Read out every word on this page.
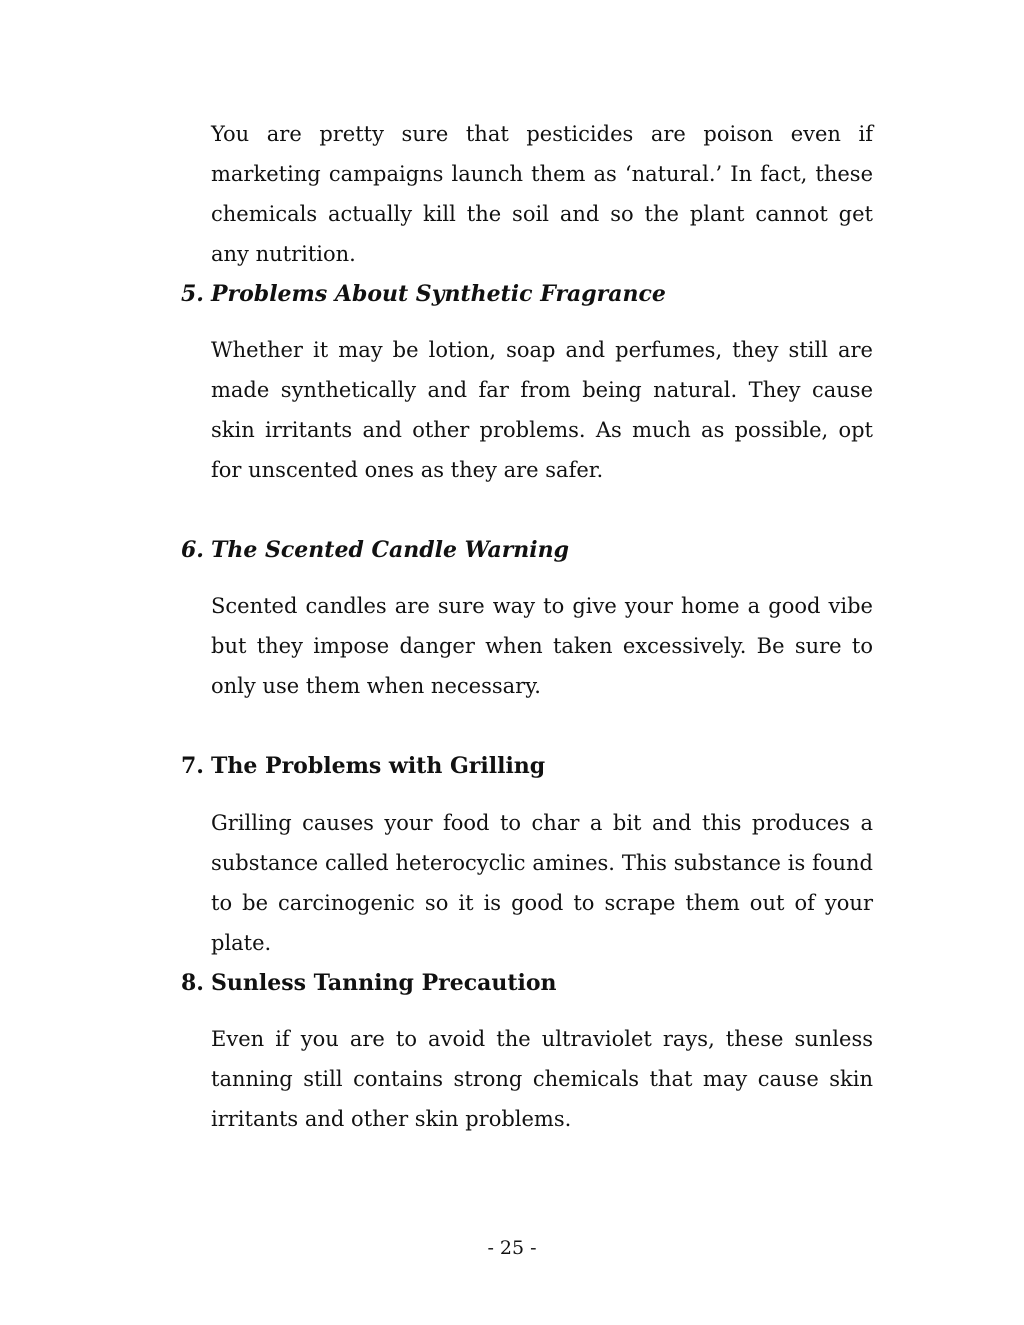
You are pretty sure that pesticides are poison even if marketing campaigns launch them as ‘natural.’ In fact, these chemicals actually kill the soil and so the plant cannot get any nutrition.

5. Problems About Synthetic Fragrance

Whether it may be lotion, soap and perfumes, they still are made synthetically and far from being natural. They cause skin irritants and other problems. As much as possible, opt for unscented ones as they are safer.

6. The Scented Candle Warning

Scented candles are sure way to give your home a good vibe but they impose danger when taken excessively. Be sure to only use them when necessary.

7. The Problems with Grilling

Grilling causes your food to char a bit and this produces a substance called heterocyclic amines. This substance is found to be carcinogenic so it is good to scrape them out of your plate.

8. Sunless Tanning Precaution

Even if you are to avoid the ultraviolet rays, these sunless tanning still contains strong chemicals that may cause skin irritants and other skin problems.

- 25 -
